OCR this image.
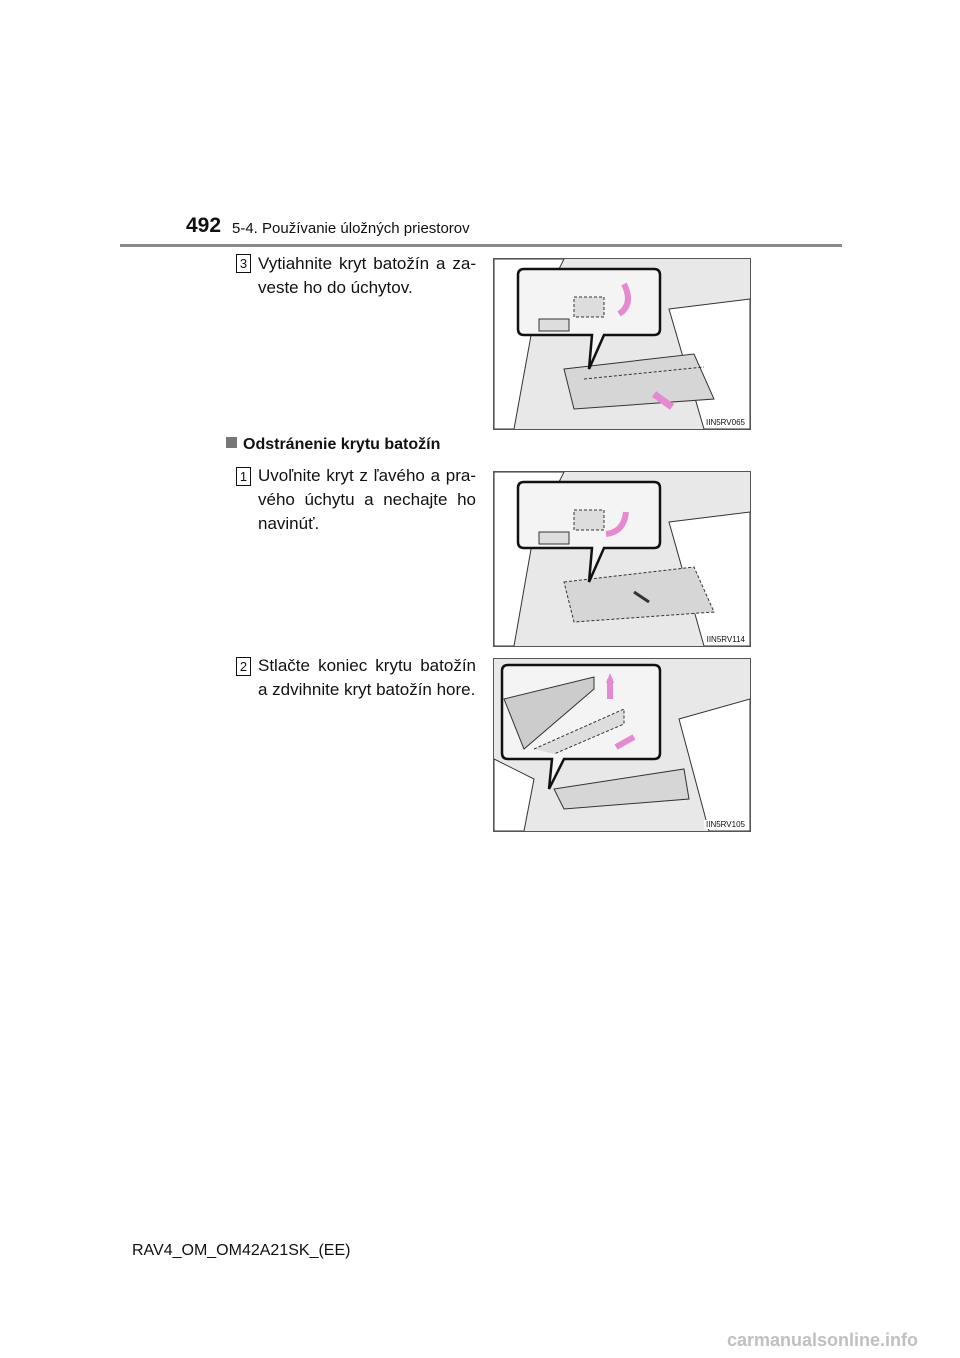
492 5-4. Používanie úložných priestorov
3 Vytiahnite kryt batožín a za-veste ho do úchytov.
IIN5RV065
Odstránenie krytu batožín
1 Uvoľnite kryt z ľavého a pra-vého úchytu a nechajte ho navinúť.
IIN5RV114
2 Stlačte koniec krytu batožín a zdvihnite kryt batožín hore.
IIN5RV105
RAV4_OM_OM42A21SK_(EE)
carmanualsonline.info
